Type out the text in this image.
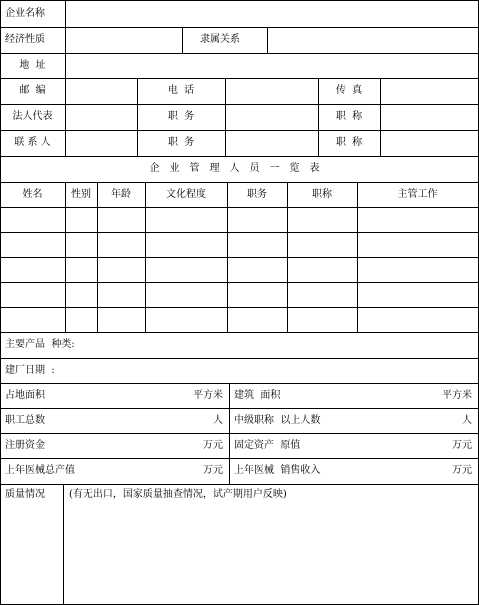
企业名称
经济性质	隶属关系
地  址
邮  编	电  话	传  真
法人代表	职  务	职  称
联 系 人	职  务	职  称
企业管理人员一览表
姓名	性别	年龄	文化程度	职务	职称	主管工作
主要产品  种类:
建厂日期  :
占地面积	平方米	建筑  面积	平方米
职工总数	人	中级职称  以上人数	人
注册资金	万元	固定资产  原值	万元
上年医械总产值	万元	上年医械  销售收入	万元
质量情况	(有无出口，国家质量抽查情况，试产期用户反映)
